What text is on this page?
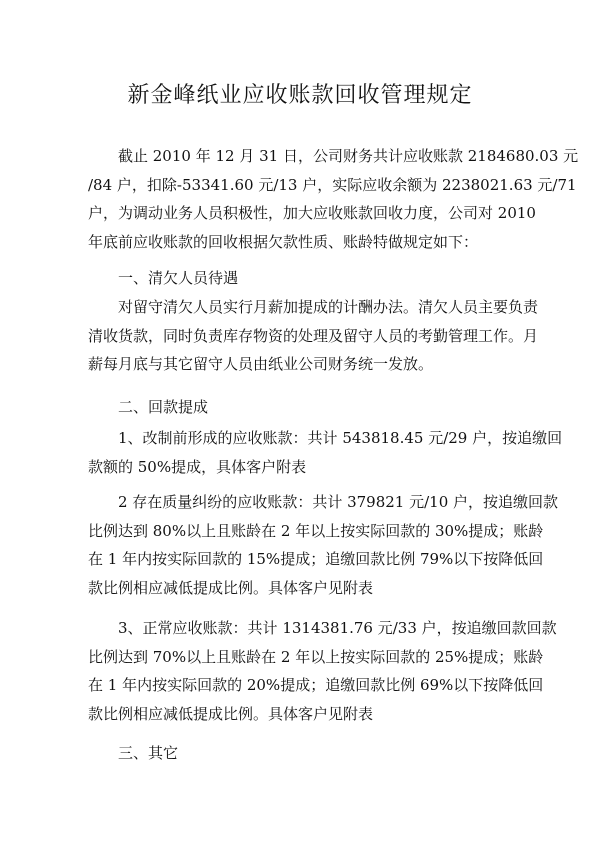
新金峰纸业应收账款回收管理规定
截止 2010 年 12 月 31 日，公司财务共计应收账款 2184680.03 元
/84 户，扣除-53341.60 元/13 户，实际应收余额为 2238021.63 元/71
户，为调动业务人员积极性，加大应收账款回收力度，公司对 2010
年底前应收账款的回收根据欠款性质、账龄特做规定如下：
一、清欠人员待遇
对留守清欠人员实行月薪加提成的计酬办法。清欠人员主要负责
清收货款，同时负责库存物资的处理及留守人员的考勤管理工作。月
薪每月底与其它留守人员由纸业公司财务统一发放。
二、回款提成
1、改制前形成的应收账款：共计 543818.45 元/29 户，按追缴回
款额的 50%提成，具体客户附表
2 存在质量纠纷的应收账款：共计 379821 元/10 户，按追缴回款
比例达到 80%以上且账龄在 2 年以上按实际回款的 30%提成；账龄
在 1 年内按实际回款的 15%提成；追缴回款比例 79%以下按降低回
款比例相应减低提成比例。具体客户见附表
3、正常应收账款：共计 1314381.76 元/33 户，按追缴回款回款
比例达到 70%以上且账龄在 2 年以上按实际回款的 25%提成；账龄
在 1 年内按实际回款的 20%提成；追缴回款比例 69%以下按降低回
款比例相应减低提成比例。具体客户见附表
三、其它
